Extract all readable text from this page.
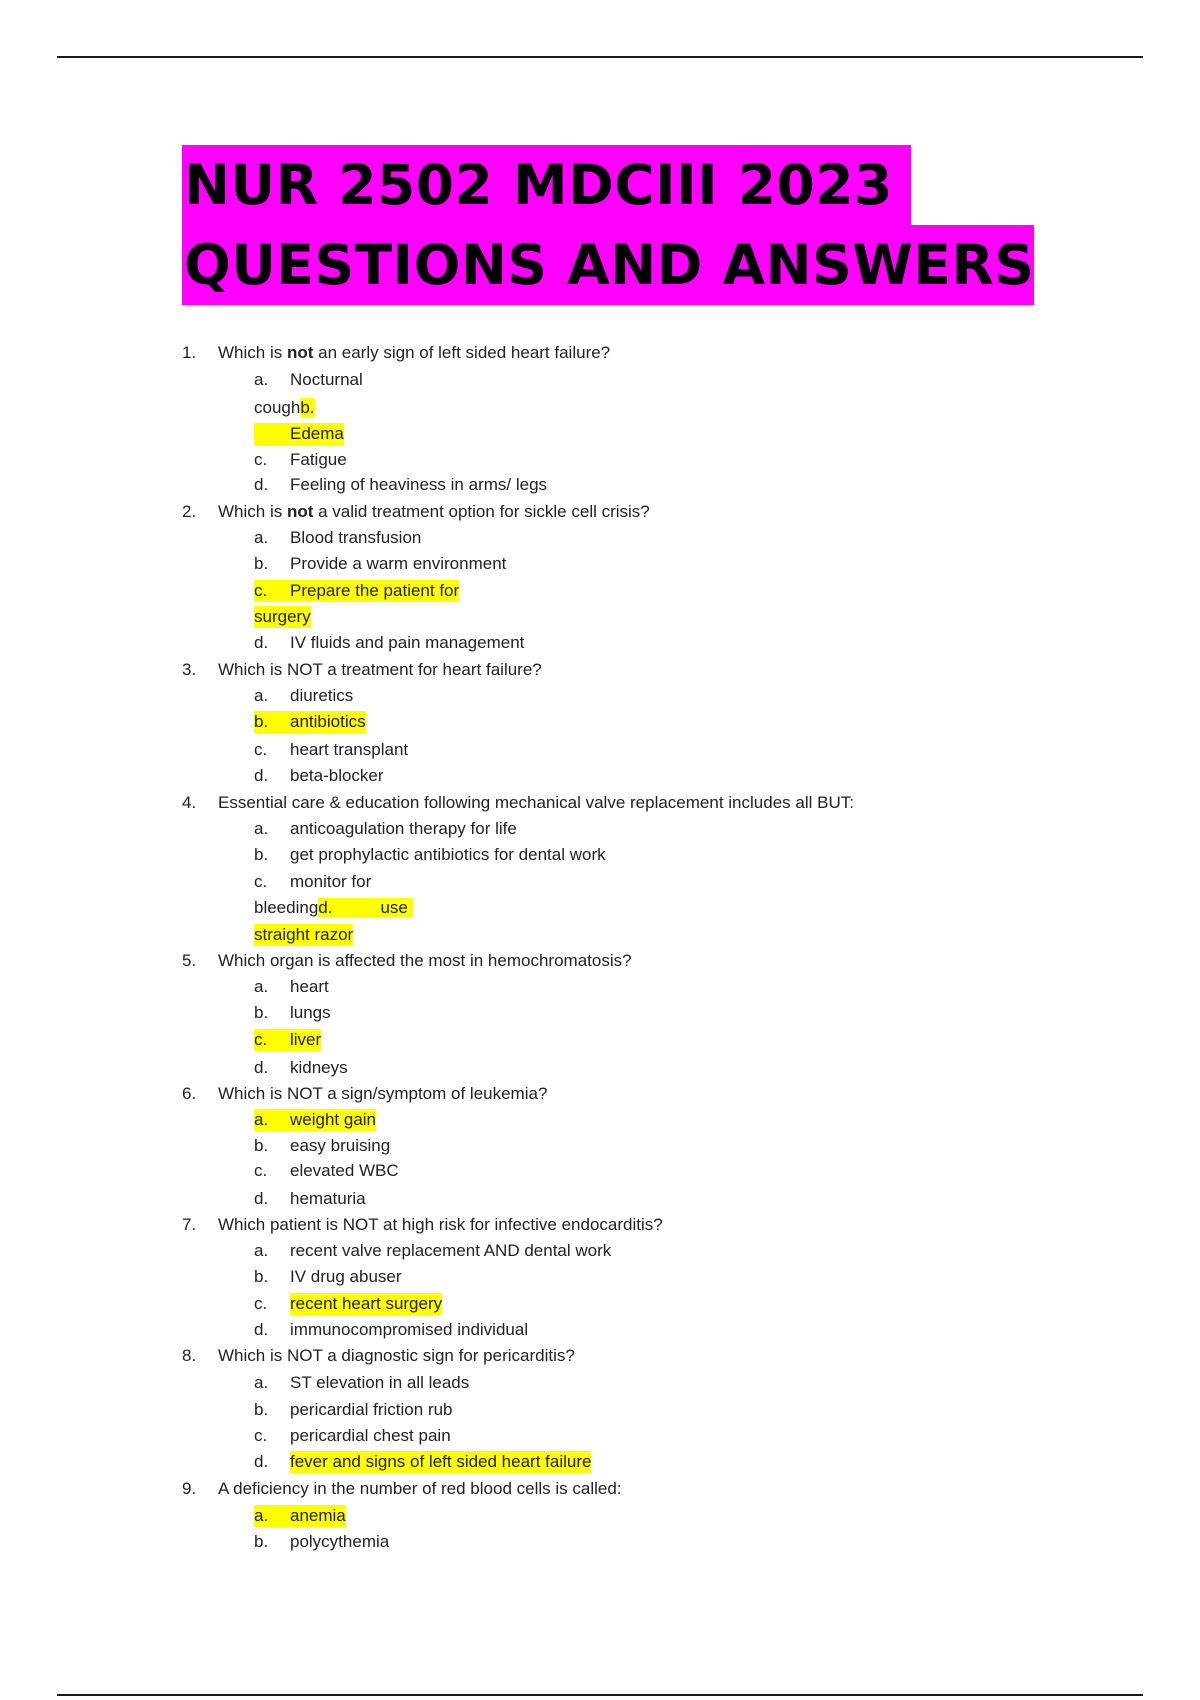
NUR 2502 MDCIII 2023
QUESTIONS AND ANSWERS
1. Which is not an early sign of left sided heart failure?
a. Nocturnal
coughb.
Edema
c. Fatigue
d. Feeling of heaviness in arms/ legs
2. Which is not a valid treatment option for sickle cell crisis?
a. Blood transfusion
b. Provide a warm environment
c. Prepare the patient for
surgery
d. IV fluids and pain management
3. Which is NOT a treatment for heart failure?
a. diuretics
b. antibiotics
c. heart transplant
d. beta-blocker
4. Essential care & education following mechanical valve replacement includes all BUT:
a. anticoagulation therapy for life
b. get prophylactic antibiotics for dental work
c. monitor for
bleedingd.	use
straight razor
5. Which organ is affected the most in hemochromatosis?
a. heart
b. lungs
c. liver
d. kidneys
6. Which is NOT a sign/symptom of leukemia?
a. weight gain
b. easy bruising
c. elevated WBC
d. hematuria
7. Which patient is NOT at high risk for infective endocarditis?
a. recent valve replacement AND dental work
b. IV drug abuser
c. recent heart surgery
d. immunocompromised individual
8. Which is NOT a diagnostic sign for pericarditis?
a. ST elevation in all leads
b. pericardial friction rub
c. pericardial chest pain
d. fever and signs of left sided heart failure
9. A deficiency in the number of red blood cells is called:
a. anemia
b. polycythemia
